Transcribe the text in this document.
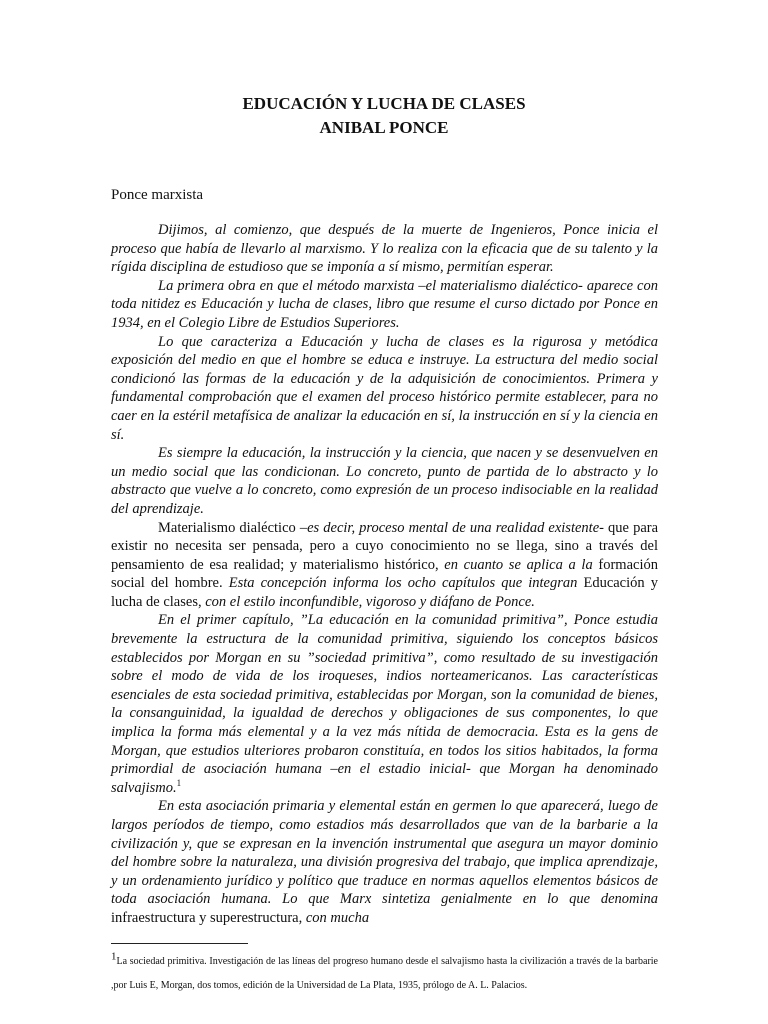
EDUCACIÓN Y LUCHA DE CLASES
ANIBAL PONCE
Ponce marxista

Dijimos, al comienzo, que después de la muerte de Ingenieros, Ponce inicia el proceso que había de llevarlo al marxismo. Y lo realiza con la eficacia que de su talento y la rígida disciplina de estudioso que se imponía a sí mismo, permitían esperar.

La primera obra en que el método marxista –el materialismo dialéctico- aparece con toda nitidez es Educación y lucha de clases, libro que resume el curso dictado por Ponce en 1934, en el Colegio Libre de Estudios Superiores.

Lo que caracteriza a Educación y lucha de clases es la rigurosa y metódica exposición del medio en que el hombre se educa e instruye. La estructura del medio social condicionó las formas de la educación y de la adquisición de conocimientos. Primera y fundamental comprobación que el examen del proceso histórico permite establecer, para no caer en la estéril metafísica de analizar la educación en sí, la instrucción en sí y la ciencia en sí.

Es siempre la educación, la instrucción y la ciencia, que nacen y se desenvuelven en un medio social que las condicionan. Lo concreto, punto de partida de lo abstracto y lo abstracto que vuelve a lo concreto, como expresión de un proceso indisociable en la realidad del aprendizaje.

Materialismo dialéctico –es decir, proceso mental de una realidad existente- que para existir no necesita ser pensada, pero a cuyo conocimiento no se llega, sino a través del pensamiento de esa realidad; y materialismo histórico, en cuanto se aplica a la formación social del hombre. Esta concepción informa los ocho capítulos que integran Educación y lucha de clases, con el estilo inconfundible, vigoroso y diáfano de Ponce.

En el primer capítulo, ”La educación en la comunidad primitiva”, Ponce estudia brevemente la estructura de la comunidad primitiva, siguiendo los conceptos básicos establecidos por Morgan en su ”sociedad primitiva”, como resultado de su investigación sobre el modo de vida de los iroqueses, indios norteamericanos. Las características esenciales de esta sociedad primitiva, establecidas por Morgan, son la comunidad de bienes, la consanguinidad, la igualdad de derechos y obligaciones de sus componentes, lo que implica la forma más elemental y a la vez más nítida de democracia. Esta es la gens de Morgan, que estudios ulteriores probaron constituía, en todos los sitios habitados, la forma primordial de asociación humana –en el estadio inicial- que Morgan ha denominado salvajismo.$^1$

En esta asociación primaria y elemental están en germen lo que aparecerá, luego de largos períodos de tiempo, como estadios más desarrollados que van de la barbarie a la civilización y, que se expresan en la invención instrumental que asegura un mayor dominio del hombre sobre la naturaleza, una división progresiva del trabajo, que implica aprendizaje, y un ordenamiento jurídico y político que traduce en normas aquellos elementos básicos de toda asociación humana. Lo que Marx sintetiza genialmente en lo que denomina infraestructura y superestructura, con mucha

$^1$La sociedad primitiva. Investigación de las líneas del progreso humano desde el salvajismo hasta la civilización a través de la barbarie ,por Luis E, Morgan, dos tomos, edición de la Universidad de La Plata, 1935, prólogo de A. L. Palacios.
